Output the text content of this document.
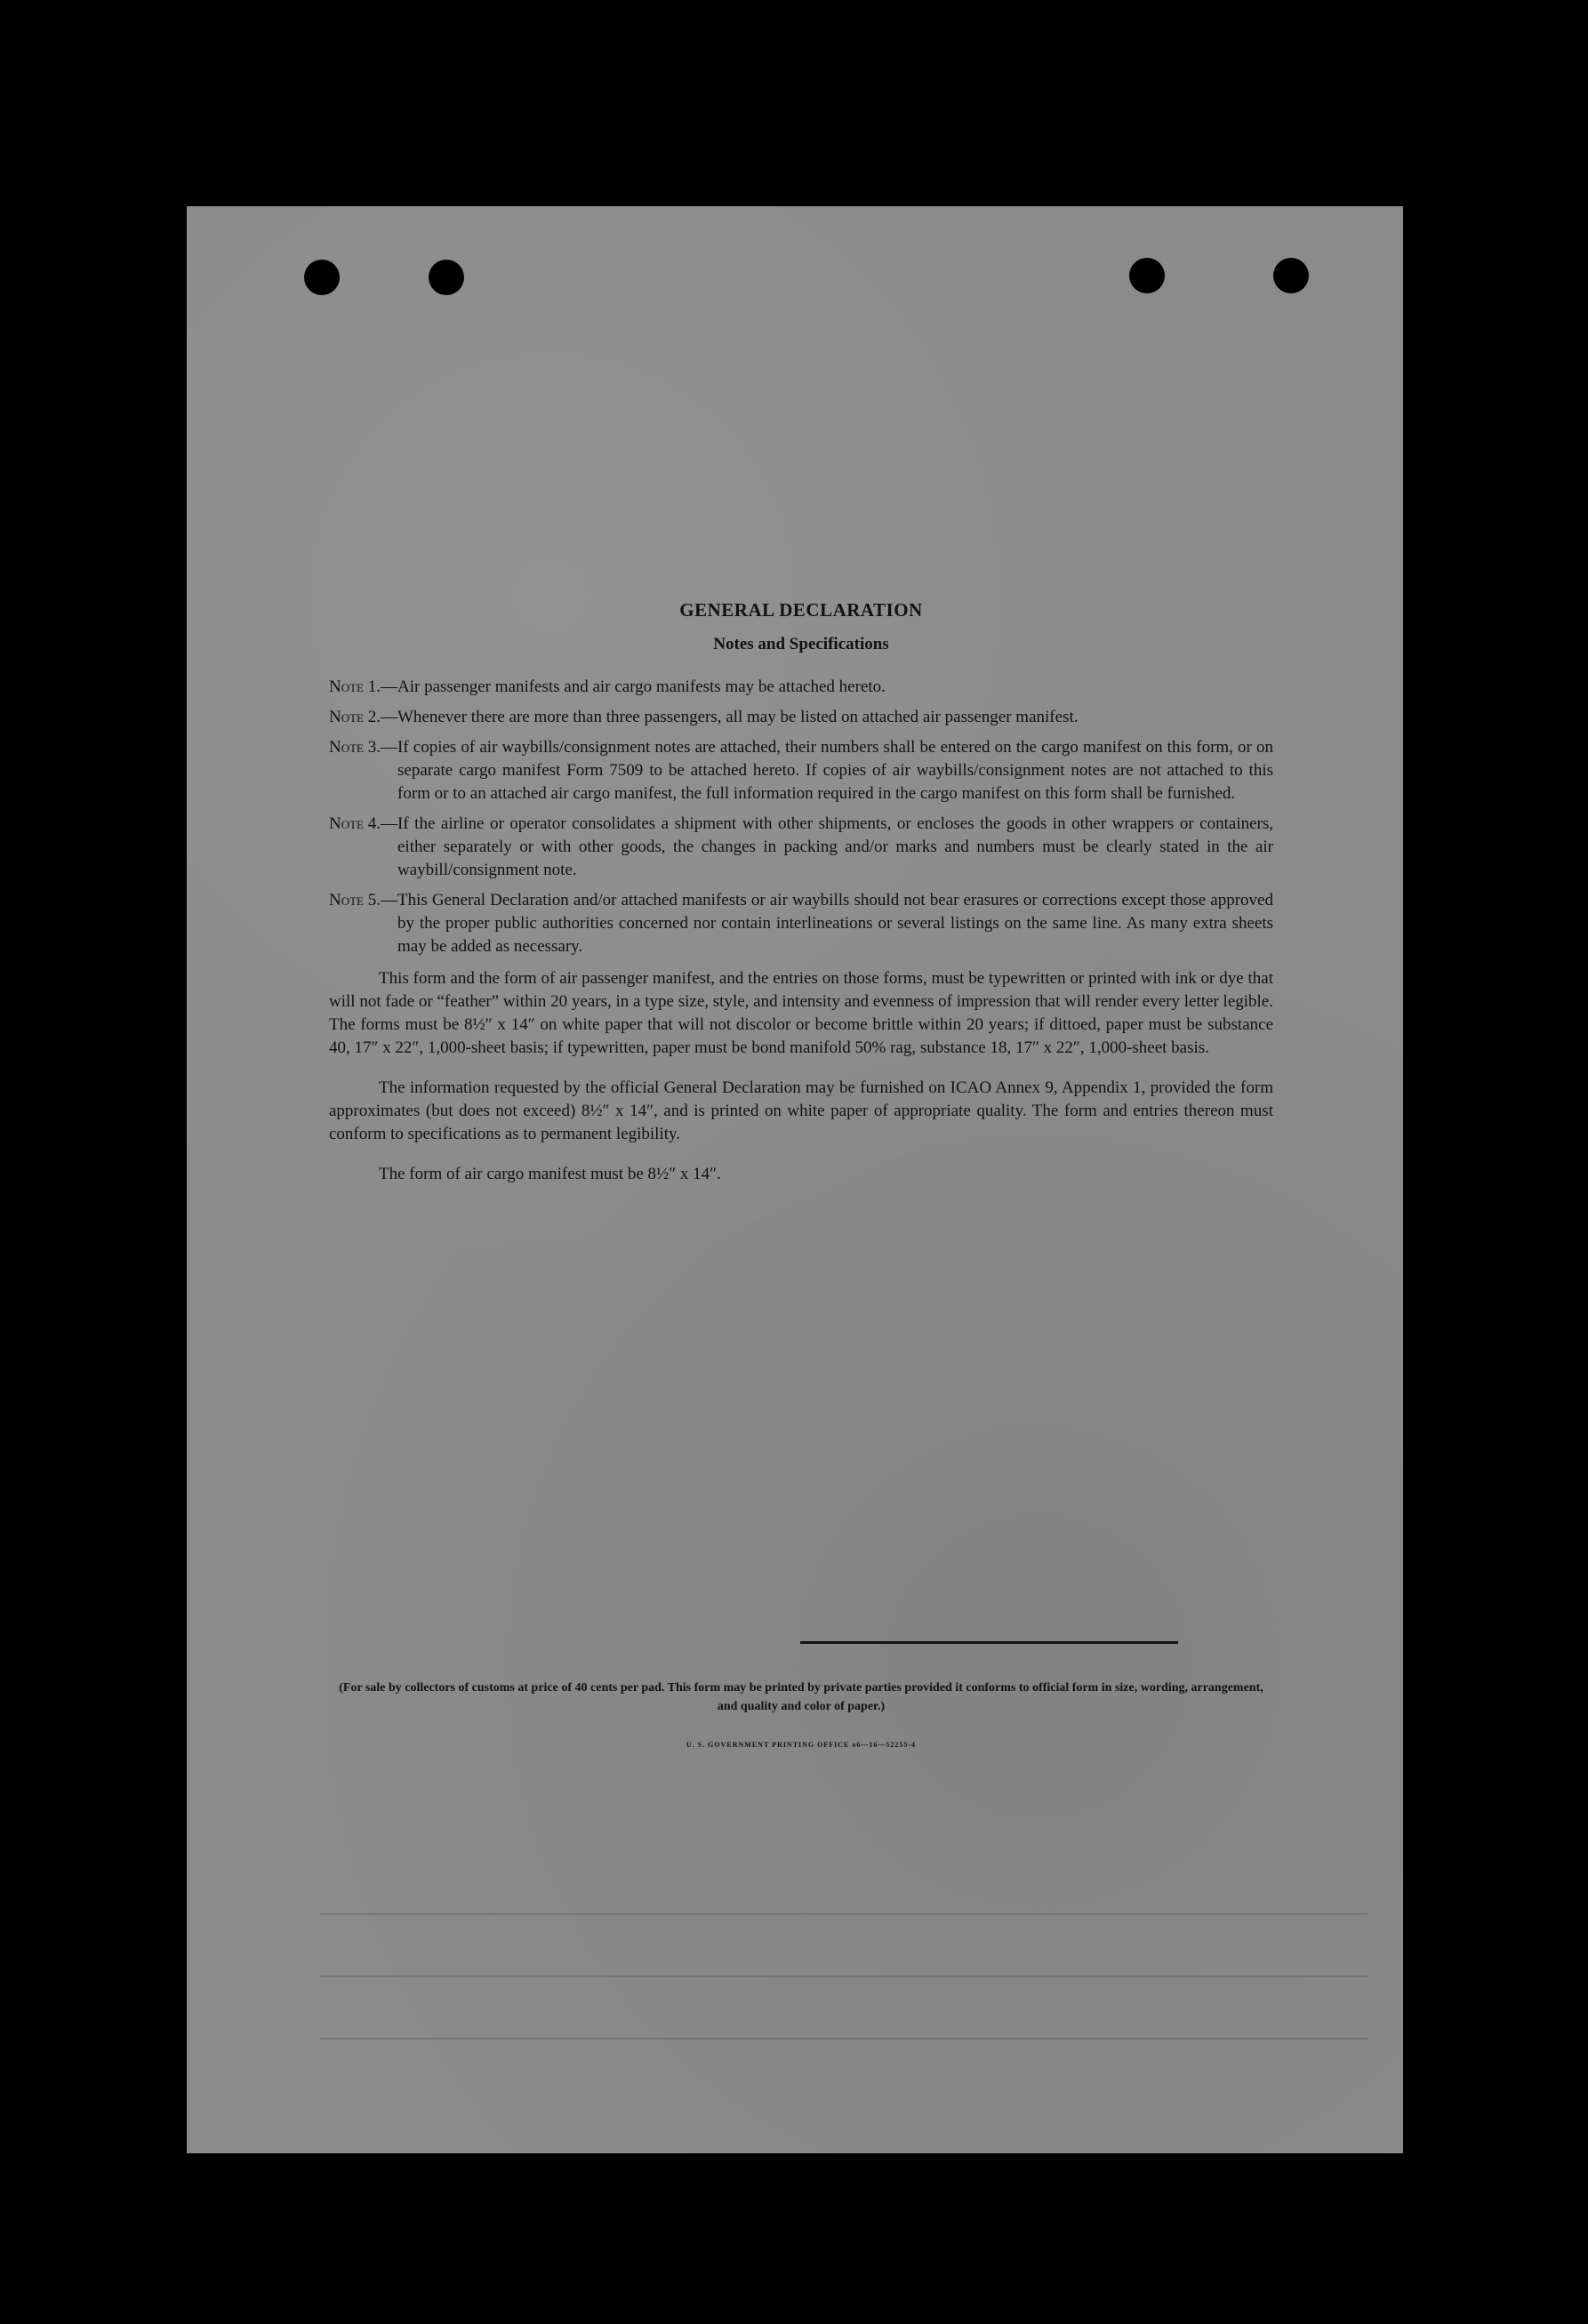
GENERAL DECLARATION
Notes and Specifications
Note 1.— Air passenger manifests and air cargo manifests may be attached hereto.
Note 2.— Whenever there are more than three passengers, all may be listed on attached air passenger manifest.
Note 3.— If copies of air waybills/consignment notes are attached, their numbers shall be entered on the cargo manifest on this form, or on separate cargo manifest Form 7509 to be attached hereto. If copies of air waybills/consignment notes are not attached to this form or to an attached air cargo manifest, the full information required in the cargo manifest on this form shall be furnished.
Note 4.— If the airline or operator consolidates a shipment with other shipments, or encloses the goods in other wrappers or containers, either separately or with other goods, the changes in packing and/or marks and numbers must be clearly stated in the air waybill/consignment note.
Note 5.— This General Declaration and/or attached manifests or air waybills should not bear erasures or corrections except those approved by the proper public authorities concerned nor contain interlineations or several listings on the same line. As many extra sheets may be added as necessary.

This form and the form of air passenger manifest, and the entries on those forms, must be typewritten or printed with ink or dye that will not fade or “feather” within 20 years, in a type size, style, and intensity and evenness of impression that will render every letter legible. The forms must be 8½″ x 14″ on white paper that will not discolor or become brittle within 20 years; if dittoed, paper must be substance 40, 17″ x 22″, 1,000-sheet basis; if typewritten, paper must be bond manifold 50% rag, substance 18, 17″ x 22″, 1,000-sheet basis.

The information requested by the official General Declaration may be furnished on ICAO Annex 9, Appendix 1, provided the form approximates (but does not exceed) 8½″ x 14″, and is printed on white paper of appropriate quality. The form and entries thereon must conform to specifications as to permanent legibility.

The form of air cargo manifest must be 8½″ x 14″.

(For sale by collectors of customs at price of 40 cents per pad. This form may be printed by private parties provided it conforms to official form in size, wording, arrangement, and quality and color of paper.)
U. S. GOVERNMENT PRINTING OFFICE o6—16—52255-4
